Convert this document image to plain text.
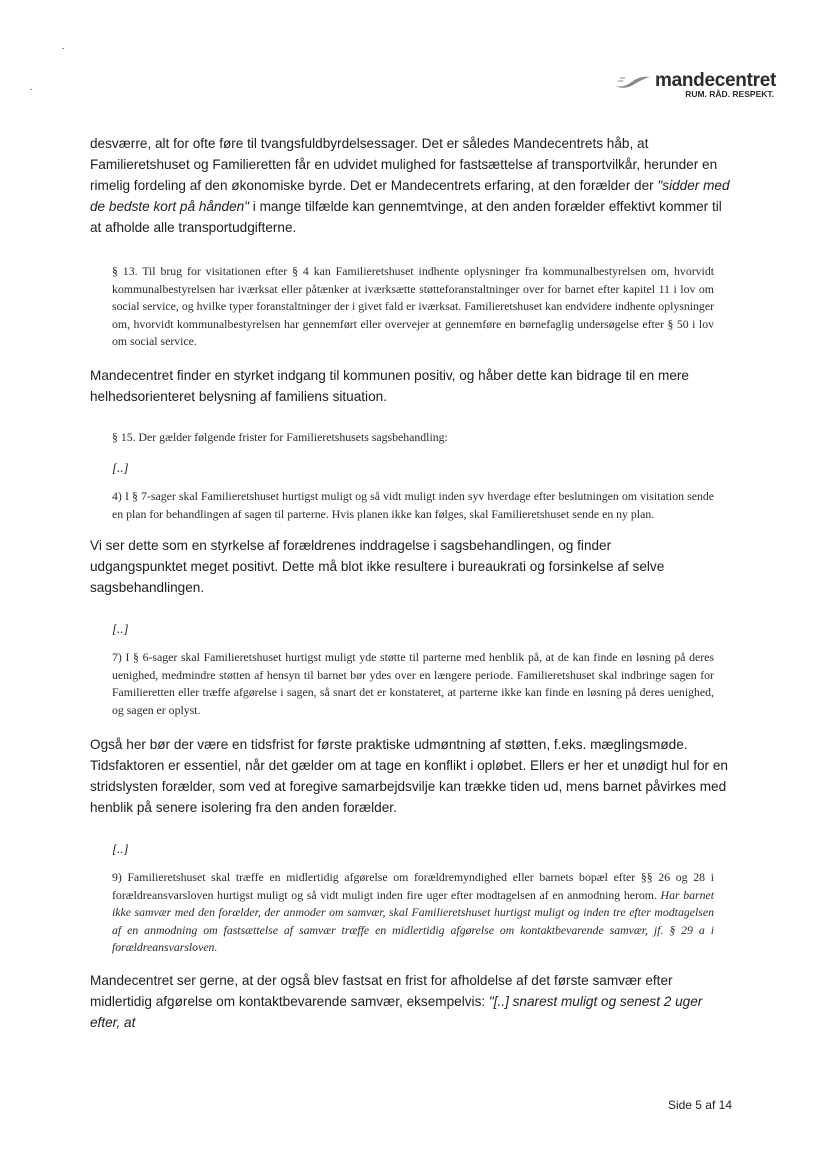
mandecentret
RUM. RÅD. RESPEKT.

desværre, alt for ofte føre til tvangsfuldbyrdelsessager. Det er således Mandecentrets håb, at Familieretshuset og Familieretten får en udvidet mulighed for fastsættelse af transportvilkår, herunder en rimelig fordeling af den økonomiske byrde. Det er Mandecentrets erfaring, at den forælder der "sidder med de bedste kort på hånden" i mange tilfælde kan gennemtvinge, at den anden forælder effektivt kommer til at afholde alle transportudgifterne.

§ 13. Til brug for visitationen efter § 4 kan Familieretshuset indhente oplysninger fra kommunalbestyrelsen om, hvorvidt kommunalbestyrelsen har iværksat eller påtænker at iværksætte støtteforanstaltninger over for barnet efter kapitel 11 i lov om social service, og hvilke typer foranstaltninger der i givet fald er iværksat. Familieretshuset kan endvidere indhente oplysninger om, hvorvidt kommunalbestyrelsen har gennemført eller overvejer at gennemføre en børnefaglig undersøgelse efter § 50 i lov om social service.

Mandecentret finder en styrket indgang til kommunen positiv, og håber dette kan bidrage til en mere helhedsorienteret belysning af familiens situation.

§ 15. Der gælder følgende frister for Familieretshusets sagsbehandling:

[..]

4) I § 7-sager skal Familieretshuset hurtigst muligt og så vidt muligt inden syv hverdage efter beslutningen om visitation sende en plan for behandlingen af sagen til parterne. Hvis planen ikke kan følges, skal Familieretshuset sende en ny plan.

Vi ser dette som en styrkelse af forældrenes inddragelse i sagsbehandlingen, og finder udgangspunktet meget positivt. Dette må blot ikke resultere i bureaukrati og forsinkelse af selve sagsbehandlingen.

[..]

7) I § 6-sager skal Familieretshuset hurtigst muligt yde støtte til parterne med henblik på, at de kan finde en løsning på deres uenighed, medmindre støtten af hensyn til barnet bør ydes over en længere periode. Familieretshuset skal indbringe sagen for Familieretten eller træffe afgørelse i sagen, så snart det er konstateret, at parterne ikke kan finde en løsning på deres uenighed, og sagen er oplyst.

Også her bør der være en tidsfrist for første praktiske udmøntning af støtten, f.eks. mæglingsmøde. Tidsfaktoren er essentiel, når det gælder om at tage en konflikt i opløbet. Ellers er her et unødigt hul for en stridslysten forælder, som ved at foregive samarbejdsvilje kan trække tiden ud, mens barnet påvirkes med henblik på senere isolering fra den anden forælder.

[..]

9) Familieretshuset skal træffe en midlertidig afgørelse om forældremyndighed eller barnets bopæl efter §§ 26 og 28 i forældreansvarsloven hurtigst muligt og så vidt muligt inden fire uger efter modtagelsen af en anmodning herom. Har barnet ikke samvær med den forælder, der anmoder om samvær, skal Familieretshuset hurtigst muligt og inden tre efter modtagelsen af en anmodning om fastsættelse af samvær træffe en midlertidig afgørelse om kontaktbevarende samvær, jf. § 29 a i forældreansvarsloven.

Mandecentret ser gerne, at der også blev fastsat en frist for afholdelse af det første samvær efter midlertidig afgørelse om kontaktbevarende samvær, eksempelvis: "[..] snarest muligt og senest 2 uger efter, at

Side 5 af 14
